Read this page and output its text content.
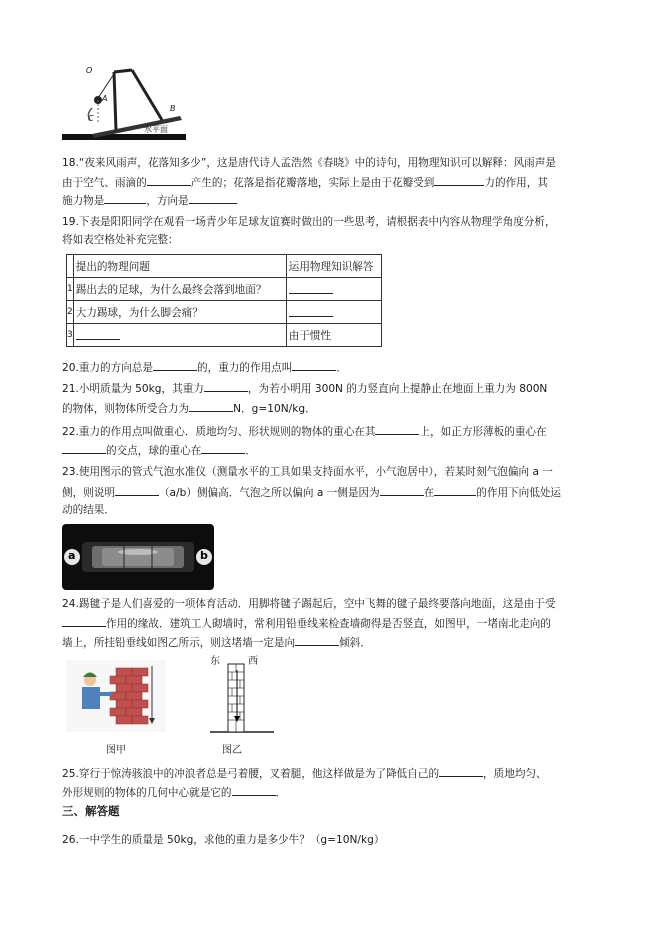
O
A
B
C
水平面
18.“夜来风雨声，花落知多少”，这是唐代诗人孟浩然《春晓》中的诗句，用物理知识可以解释：风雨声是
由于空气、雨滴的	产生的；花落是指花瓣落地，实际上是由于花瓣受到	力的作用，其
施力物是	，方向是
19.下表是阳阳同学在观看一场青少年足球友谊赛时做出的一些思考，请根据表中内容从物理学角度分析，
将如表空格处补充完整：
	提出的物理问题	运用物理知识解答
1	踢出去的足球，为什么最终会落到地面？	
2	大力踢球，为什么脚会痛？	
3		由于惯性
20.重力的方向总是	的，重力的作用点叫	．
21.小明质量为 50kg，其重力	，为若小明用 300N 的力竖直向上提静止在地面上重力为 800N
的物体，则物体所受合力为	N．g=10N/kg．
22.重力的作用点叫做重心．质地均匀、形状规则的物体的重心在其	上，如正方形薄板的重心在
的交点，球的重心在	．
23.使用图示的管式气泡水准仪（测量水平的工具如果支持面水平，小气泡居中），若某时刻气泡偏向 a 一
侧，则说明	（a/b）侧偏高．气泡之所以偏向 a 一侧是因为	在	的作用下向低处运
动的结果．
a	b
24.踢毽子是人们喜爱的一项体育活动．用脚将毽子踢起后，空中飞舞的毽子最终要落向地面，这是由于受
作用的缘故．建筑工人砌墙时，常利用铅垂线来检查墙砌得是否竖直，如图甲，一堵南北走向的
墙上，所挂铅垂线如图乙所示，则这堵墙一定是向	倾斜．
东	西
图甲	图乙
25.穿行于惊涛骇浪中的冲浪者总是弓着腰，叉着腿，他这样做是为了降低自己的	，质地均匀、
外形规则的物体的几何中心就是它的	．
三、解答题
26.一中学生的质量是 50kg，求他的重力是多少牛？（g=10N/kg）
